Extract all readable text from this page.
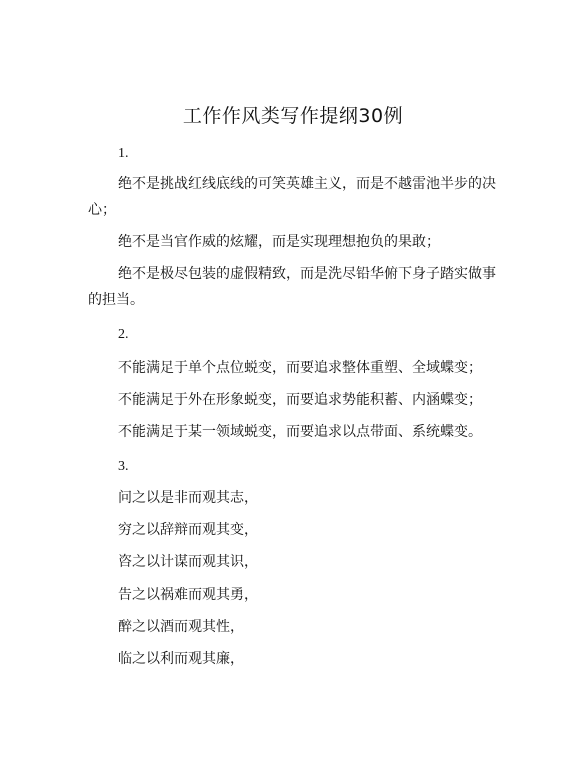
工作作风类写作提纲30例
1.
绝不是挑战红线底线的可笑英雄主义，而是不越雷池半步的决心；
绝不是当官作威的炫耀，而是实现理想抱负的果敢；
绝不是极尽包装的虚假精致，而是洗尽铅华俯下身子踏实做事的担当。
2.
不能满足于单个点位蜕变，而要追求整体重塑、全域蝶变；
不能满足于外在形象蜕变，而要追求势能积蓄、内涵蝶变；
不能满足于某一领域蜕变，而要追求以点带面、系统蝶变。
3.
问之以是非而观其志，
穷之以辞辩而观其变，
咨之以计谋而观其识，
告之以祸难而观其勇，
醉之以酒而观其性，
临之以利而观其廉，
